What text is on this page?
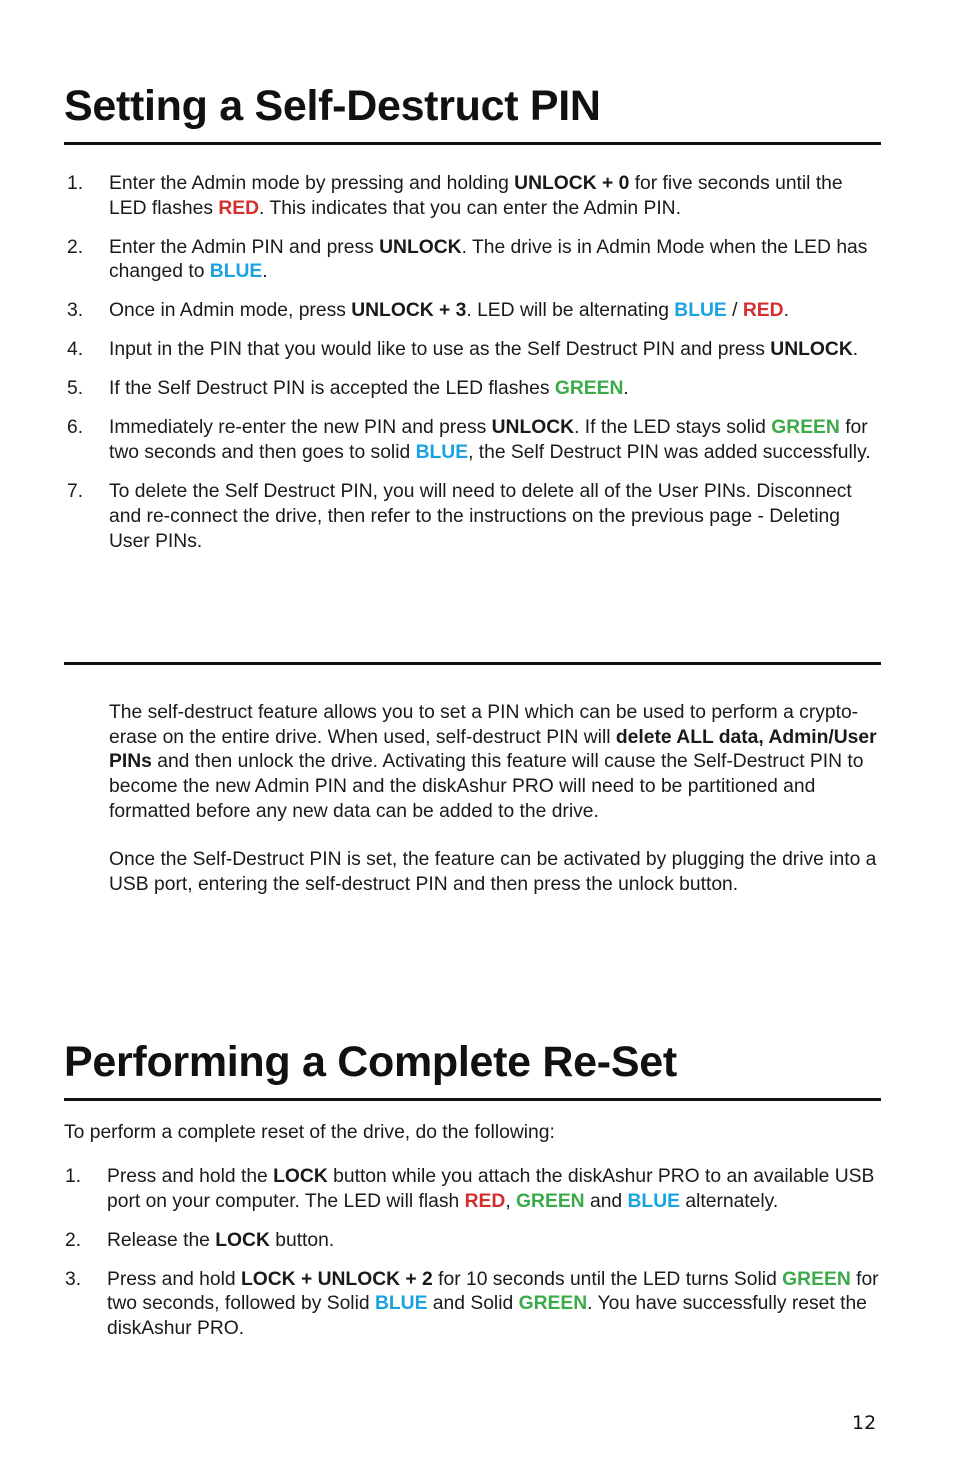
Setting a Self-Destruct PIN
1. Enter the Admin mode by pressing and holding UNLOCK + 0 for five seconds until the LED flashes RED. This indicates that you can enter the Admin PIN.
2. Enter the Admin PIN and press UNLOCK. The drive is in Admin Mode when the LED has changed to BLUE.
3. Once in Admin mode, press UNLOCK + 3. LED will be alternating BLUE / RED.
4. Input in the PIN that you would like to use as the Self Destruct PIN and press UNLOCK.
5. If the Self Destruct PIN is accepted the LED flashes GREEN.
6. Immediately re-enter the new PIN and press UNLOCK. If the LED stays solid GREEN for two seconds and then goes to solid BLUE, the Self Destruct PIN was added successfully.
7. To delete the Self Destruct PIN, you will need to delete all of the User PINs. Disconnect and re-connect the drive, then refer to the instructions on the previous page - Deleting User PINs.

The self-destruct feature allows you to set a PIN which can be used to perform a crypto-erase on the entire drive. When used, self-destruct PIN will delete ALL data, Admin/User PINs and then unlock the drive. Activating this feature will cause the Self-Destruct PIN to become the new Admin PIN and the diskAshur PRO will need to be partitioned and formatted before any new data can be added to the drive.

Once the Self-Destruct PIN is set, the feature can be activated by plugging the drive into a USB port, entering the self-destruct PIN and then press the unlock button.

Performing a Complete Re-Set

To perform a complete reset of the drive, do the following:

1. Press and hold the LOCK button while you attach the diskAshur PRO to an available USB port on your computer. The LED will flash RED, GREEN and BLUE alternately.
2. Release the LOCK button.
3. Press and hold LOCK + UNLOCK + 2 for 10 seconds until the LED turns Solid GREEN for two seconds, followed by Solid BLUE and Solid GREEN. You have successfully reset the diskAshur PRO.
12
